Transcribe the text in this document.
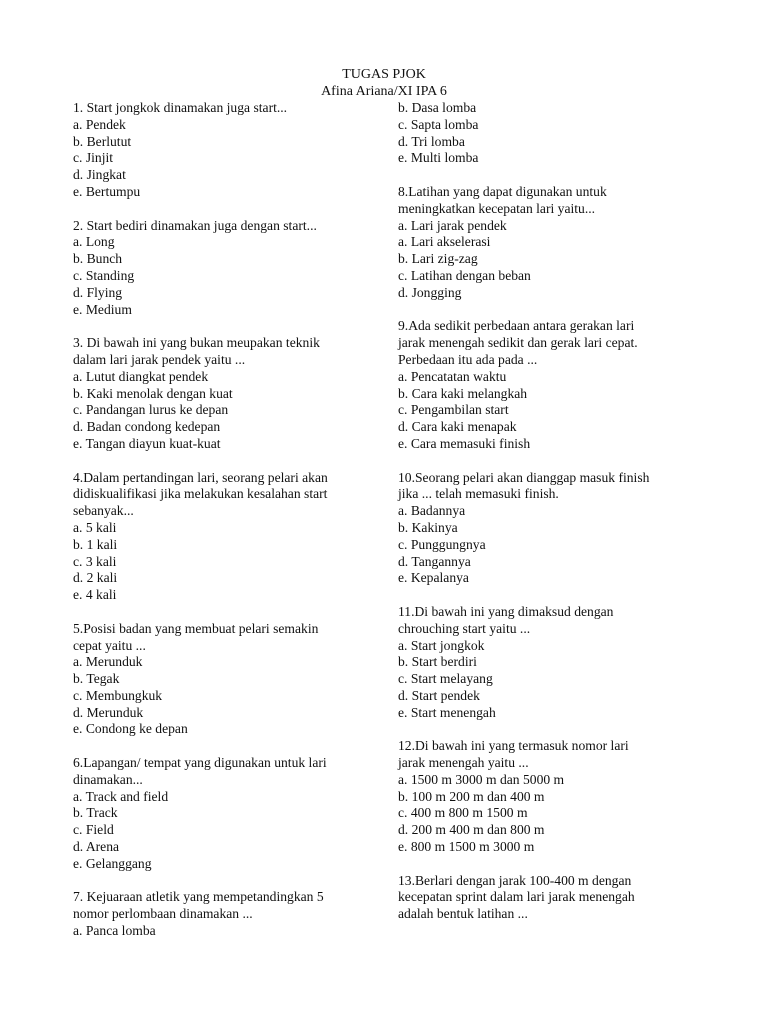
TUGAS PJOK
Afina Ariana/XI IPA 6
1. Start jongkok dinamakan juga start...
a. Pendek
b. Berlutut
c. Jinjit
d. Jingkat
e. Bertumpu
2. Start bediri dinamakan juga dengan start...
a. Long
b. Bunch
c. Standing
d. Flying
e. Medium
3. Di bawah ini yang bukan meupakan teknik
dalam lari jarak pendek yaitu ...
a. Lutut diangkat pendek
b. Kaki menolak dengan kuat
c. Pandangan lurus ke depan
d. Badan condong kedepan
e. Tangan diayun kuat-kuat
4.Dalam pertandingan lari, seorang pelari akan
didiskualifikasi jika melakukan kesalahan start
sebanyak...
a. 5 kali
b. 1 kali
c. 3 kali
d. 2 kali
e. 4 kali
5.Posisi badan yang membuat pelari semakin
cepat yaitu ...
a. Merunduk
b. Tegak
c. Membungkuk
d. Merunduk
e. Condong ke depan
6.Lapangan/ tempat yang digunakan untuk lari
dinamakan...
a. Track and field
b. Track
c. Field
d. Arena
e. Gelanggang
7. Kejuaraan atletik yang mempetandingkan 5
nomor perlombaan dinamakan ...
a. Panca lomba
b. Dasa lomba
c. Sapta lomba
d. Tri lomba
e. Multi lomba
8.Latihan yang dapat digunakan untuk
meningkatkan kecepatan lari yaitu...
a. Lari jarak pendek
a. Lari akselerasi
b. Lari zig-zag
c. Latihan dengan beban
d. Jongging
9.Ada sedikit perbedaan antara gerakan lari
jarak menengah sedikit dan gerak lari cepat.
Perbedaan itu ada pada ...
a. Pencatatan waktu
b. Cara kaki melangkah
c. Pengambilan start
d. Cara kaki menapak
e. Cara memasuki finish
10.Seorang pelari akan dianggap masuk finish
jika ... telah memasuki finish.
a. Badannya
b. Kakinya
c. Punggungnya
d. Tangannya
e. Kepalanya
11.Di bawah ini yang dimaksud dengan
chrouching start yaitu ...
a. Start jongkok
b. Start berdiri
c. Start melayang
d. Start pendek
e. Start menengah
12.Di bawah ini yang termasuk nomor lari
jarak menengah yaitu ...
a. 1500 m 3000 m dan 5000 m
b. 100 m 200 m dan 400 m
c. 400 m 800 m 1500 m
d. 200 m 400 m dan 800 m
e. 800 m 1500 m 3000 m
13.Berlari dengan jarak 100-400 m dengan
kecepatan sprint dalam lari jarak menengah
adalah bentuk latihan ...
